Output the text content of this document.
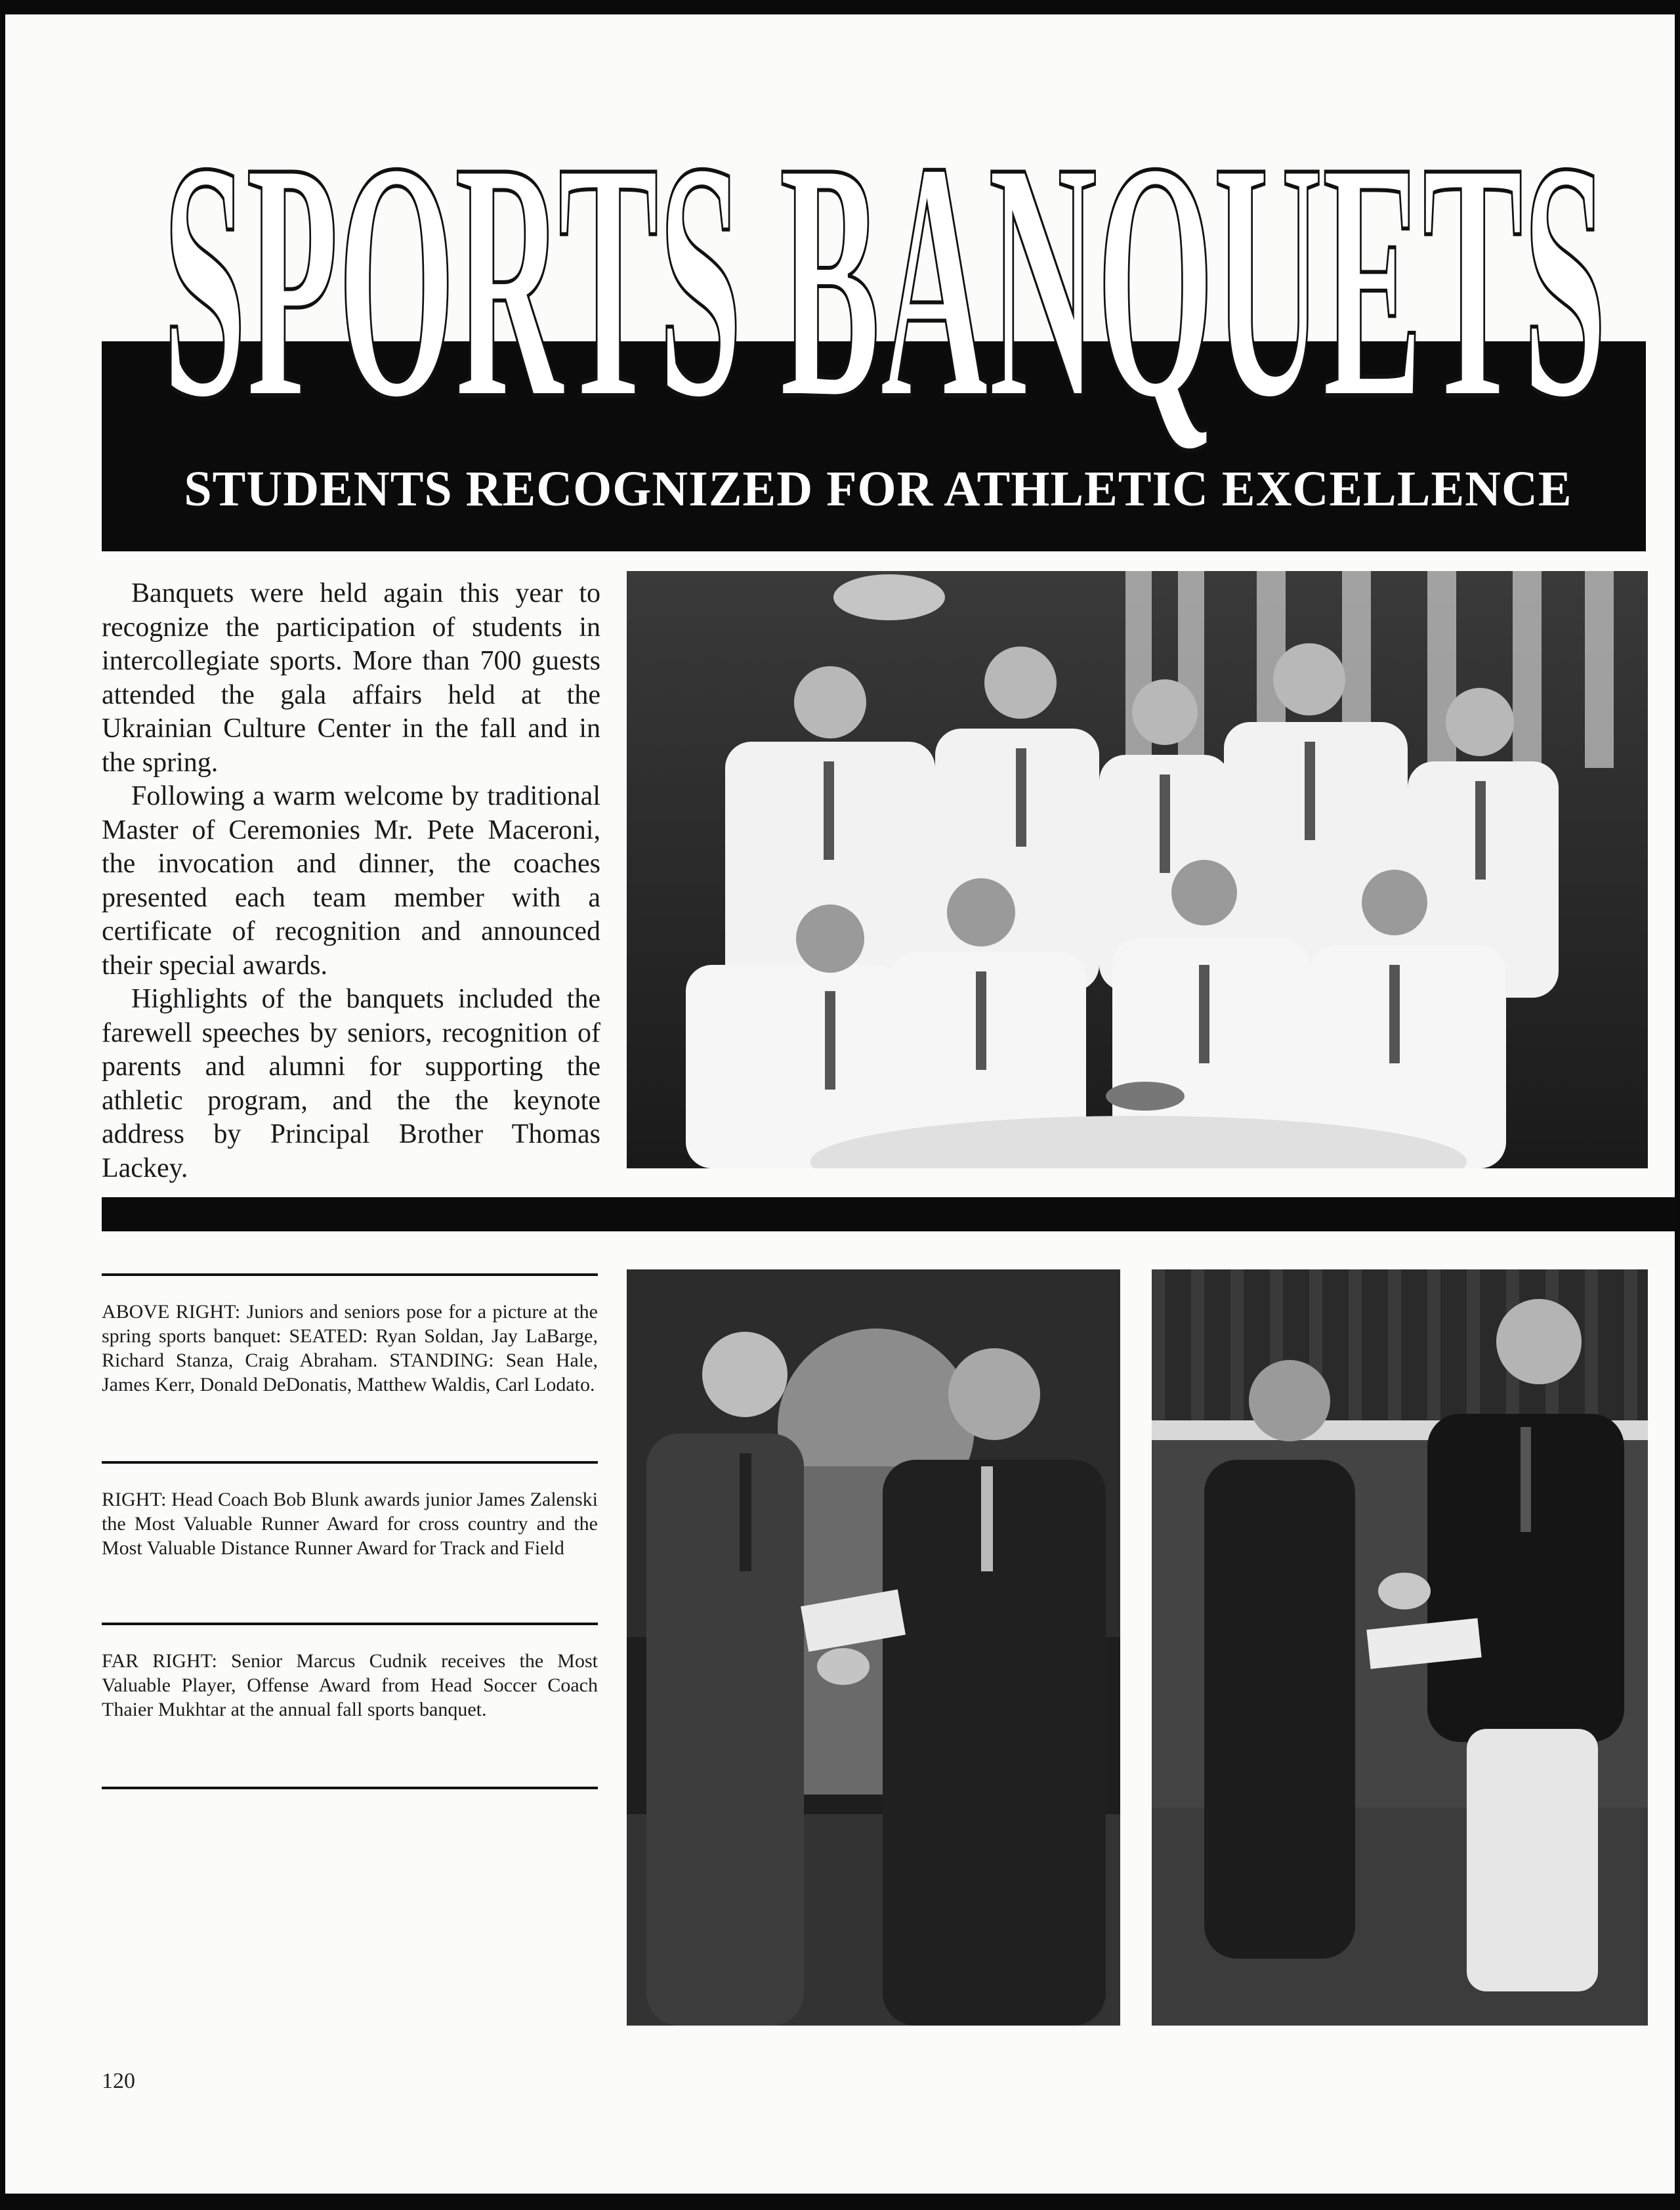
SPORTS BANQUETS
STUDENTS RECOGNIZED FOR ATHLETIC EXCELLENCE

Banquets were held again this year to recognize the participation of students in intercollegiate sports. More than 700 guests attended the gala affairs held at the Ukrainian Culture Center in the fall and in the spring.

Following a warm welcome by traditional Master of Ceremonies Mr. Pete Maceroni, the invocation and dinner, the coaches presented each team member with a certificate of recognition and announced their special awards.

Highlights of the banquets included the farewell speeches by seniors, recognition of parents and alumni for supporting the athletic program, and the the keynote address by Principal Brother Thomas Lackey.

ABOVE RIGHT: Juniors and seniors pose for a picture at the spring sports banquet: SEATED: Ryan Soldan, Jay LaBarge, Richard Stanza, Craig Abraham. STANDING: Sean Hale, James Kerr, Donald DeDonatis, Matthew Waldis, Carl Lodato.
RIGHT: Head Coach Bob Blunk awards junior James Zalenski the Most Valuable Runner Award for cross country and the Most Valuable Distance Runner Award for Track and Field
FAR RIGHT: Senior Marcus Cudnik receives the Most Valuable Player, Offense Award from Head Soccer Coach Thaier Mukhtar at the annual fall sports banquet.
120
